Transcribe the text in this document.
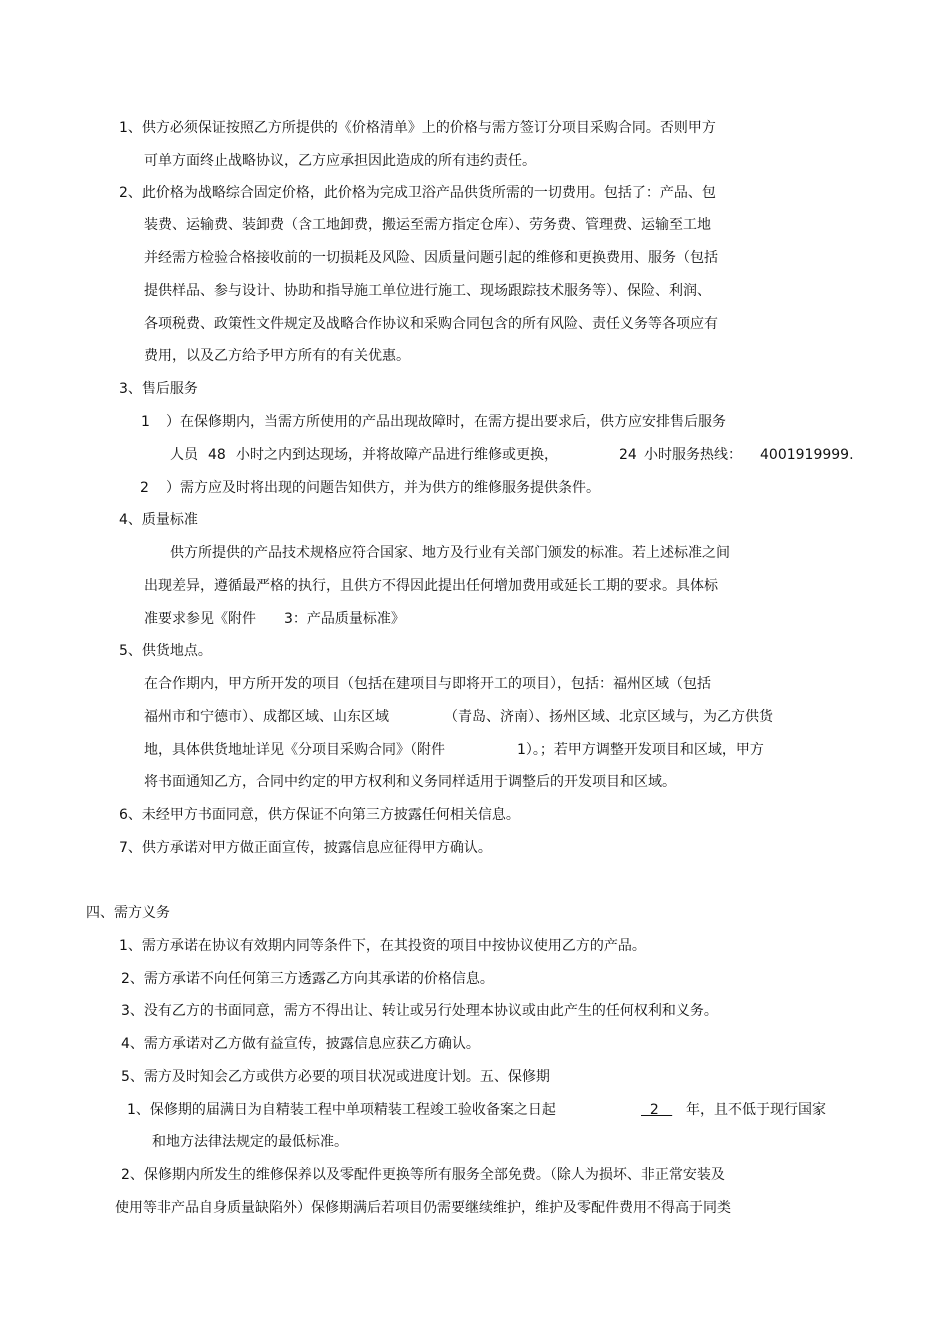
1、供方必须保证按照乙方所提供的《价格清单》上的价格与需方签订分项目采购合同。否则甲方
可单方面终止战略协议，乙方应承担因此造成的所有违约责任。
2、此价格为战略综合固定价格，此价格为完成卫浴产品供货所需的一切费用。包括了：产品、包
装费、运输费、装卸费（含工地卸费，搬运至需方指定仓库）、劳务费、管理费、运输至工地
并经需方检验合格接收前的一切损耗及风险、因质量问题引起的维修和更换费用、服务（包括
提供样品、参与设计、协助和指导施工单位进行施工、现场跟踪技术服务等）、保险、利润、
各项税费、政策性文件规定及战略合作协议和采购合同包含的所有风险、责任义务等各项应有
费用，以及乙方给予甲方所有的有关优惠。
3、售后服务
1 ）在保修期内，当需方所使用的产品出现故障时，在需方提出要求后，供方应安排售后服务
人员 48 小时之内到达现场，并将故障产品进行维修或更换，	24 小时服务热线： 4001919999.
2 ）需方应及时将出现的问题告知供方，并为供方的维修服务提供条件。
4、质量标准
供方所提供的产品技术规格应符合国家、地方及行业有关部门颁发的标准。若上述标准之间
出现差异，遵循最严格的执行，且供方不得因此提出任何增加费用或延长工期的要求。具体标
准要求参见《附件 3：产品质量标准》
5、供货地点。
在合作期内，甲方所开发的项目（包括在建项目与即将开工的项目），包括：福州区域（包括
福州市和宁德市）、成都区域、山东区域	（青岛、济南）、扬州区域、北京区域与，为乙方供货
地，具体供货地址详见《分项目采购合同》（附件	1）。；若甲方调整开发项目和区域，甲方
将书面通知乙方，合同中约定的甲方权利和义务同样适用于调整后的开发项目和区域。
6、未经甲方书面同意，供方保证不向第三方披露任何相关信息。
7、供方承诺对甲方做正面宣传，披露信息应征得甲方确认。
四、需方义务
1、需方承诺在协议有效期内同等条件下，在其投资的项目中按协议使用乙方的产品。
2、需方承诺不向任何第三方透露乙方向其承诺的价格信息。
3、没有乙方的书面同意，需方不得出让、转让或另行处理本协议或由此产生的任何权利和义务。
4、需方承诺对乙方做有益宣传，披露信息应获乙方确认。
5、需方及时知会乙方或供方必要的项目状况或进度计划。五、保修期
1、保修期的届满日为自精装工程中单项精装工程竣工验收备案之日起	2 年，且不低于现行国家
和地方法律法规定的最低标准。
2、保修期内所发生的维修保养以及零配件更换等所有服务全部免费。（除人为损坏、非正常安装及
使用等非产品自身质量缺陷外）保修期满后若项目仍需要继续维护，维护及零配件费用不得高于同类
